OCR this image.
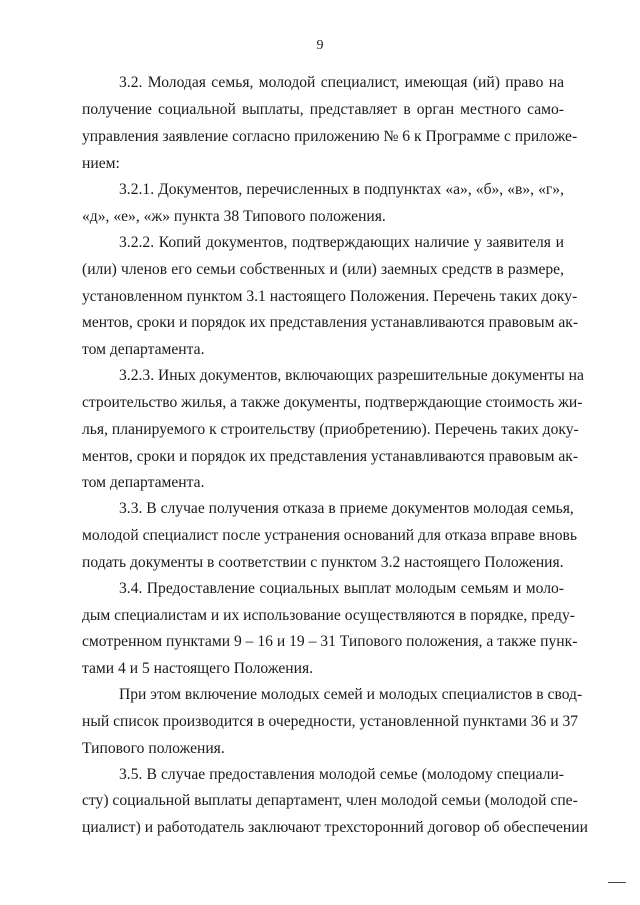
9
3.2. Молодая семья, молодой специалист, имеющая (ий) право на
получение социальной выплаты, представляет в орган местного само-
управления заявление согласно приложению № 6 к Программе с приложе-
нием:
3.2.1. Документов, перечисленных в подпунктах «а», «б», «в», «г»,
«д», «е», «ж» пункта 38 Типового положения.
3.2.2. Копий документов, подтверждающих наличие у заявителя и
(или) членов его семьи собственных и (или) заемных средств в размере,
установленном пунктом 3.1 настоящего Положения. Перечень таких доку-
ментов, сроки и порядок их представления устанавливаются правовым ак-
том департамента.
3.2.3. Иных документов, включающих разрешительные документы на
строительство жилья, а также документы, подтверждающие стоимость жи-
лья, планируемого к строительству (приобретению). Перечень таких доку-
ментов, сроки и порядок их представления устанавливаются правовым ак-
том департамента.
3.3. В случае получения отказа в приеме документов молодая семья,
молодой специалист после устранения оснований для отказа вправе вновь
подать документы в соответствии с пунктом 3.2 настоящего Положения.
3.4. Предоставление социальных выплат молодым семьям и моло-
дым специалистам и их использование осуществляются в порядке, преду-
смотренном пунктами 9 – 16 и 19 – 31 Типового положения, а также пунк-
тами 4 и 5 настоящего Положения.
При этом включение молодых семей и молодых специалистов в свод-
ный список производится в очередности, установленной пунктами 36 и 37
Типового положения.
3.5. В случае предоставления молодой семье (молодому специали-
сту) социальной выплаты департамент, член молодой семьи (молодой спе-
циалист) и работодатель заключают трехсторонний договор об обеспечении
